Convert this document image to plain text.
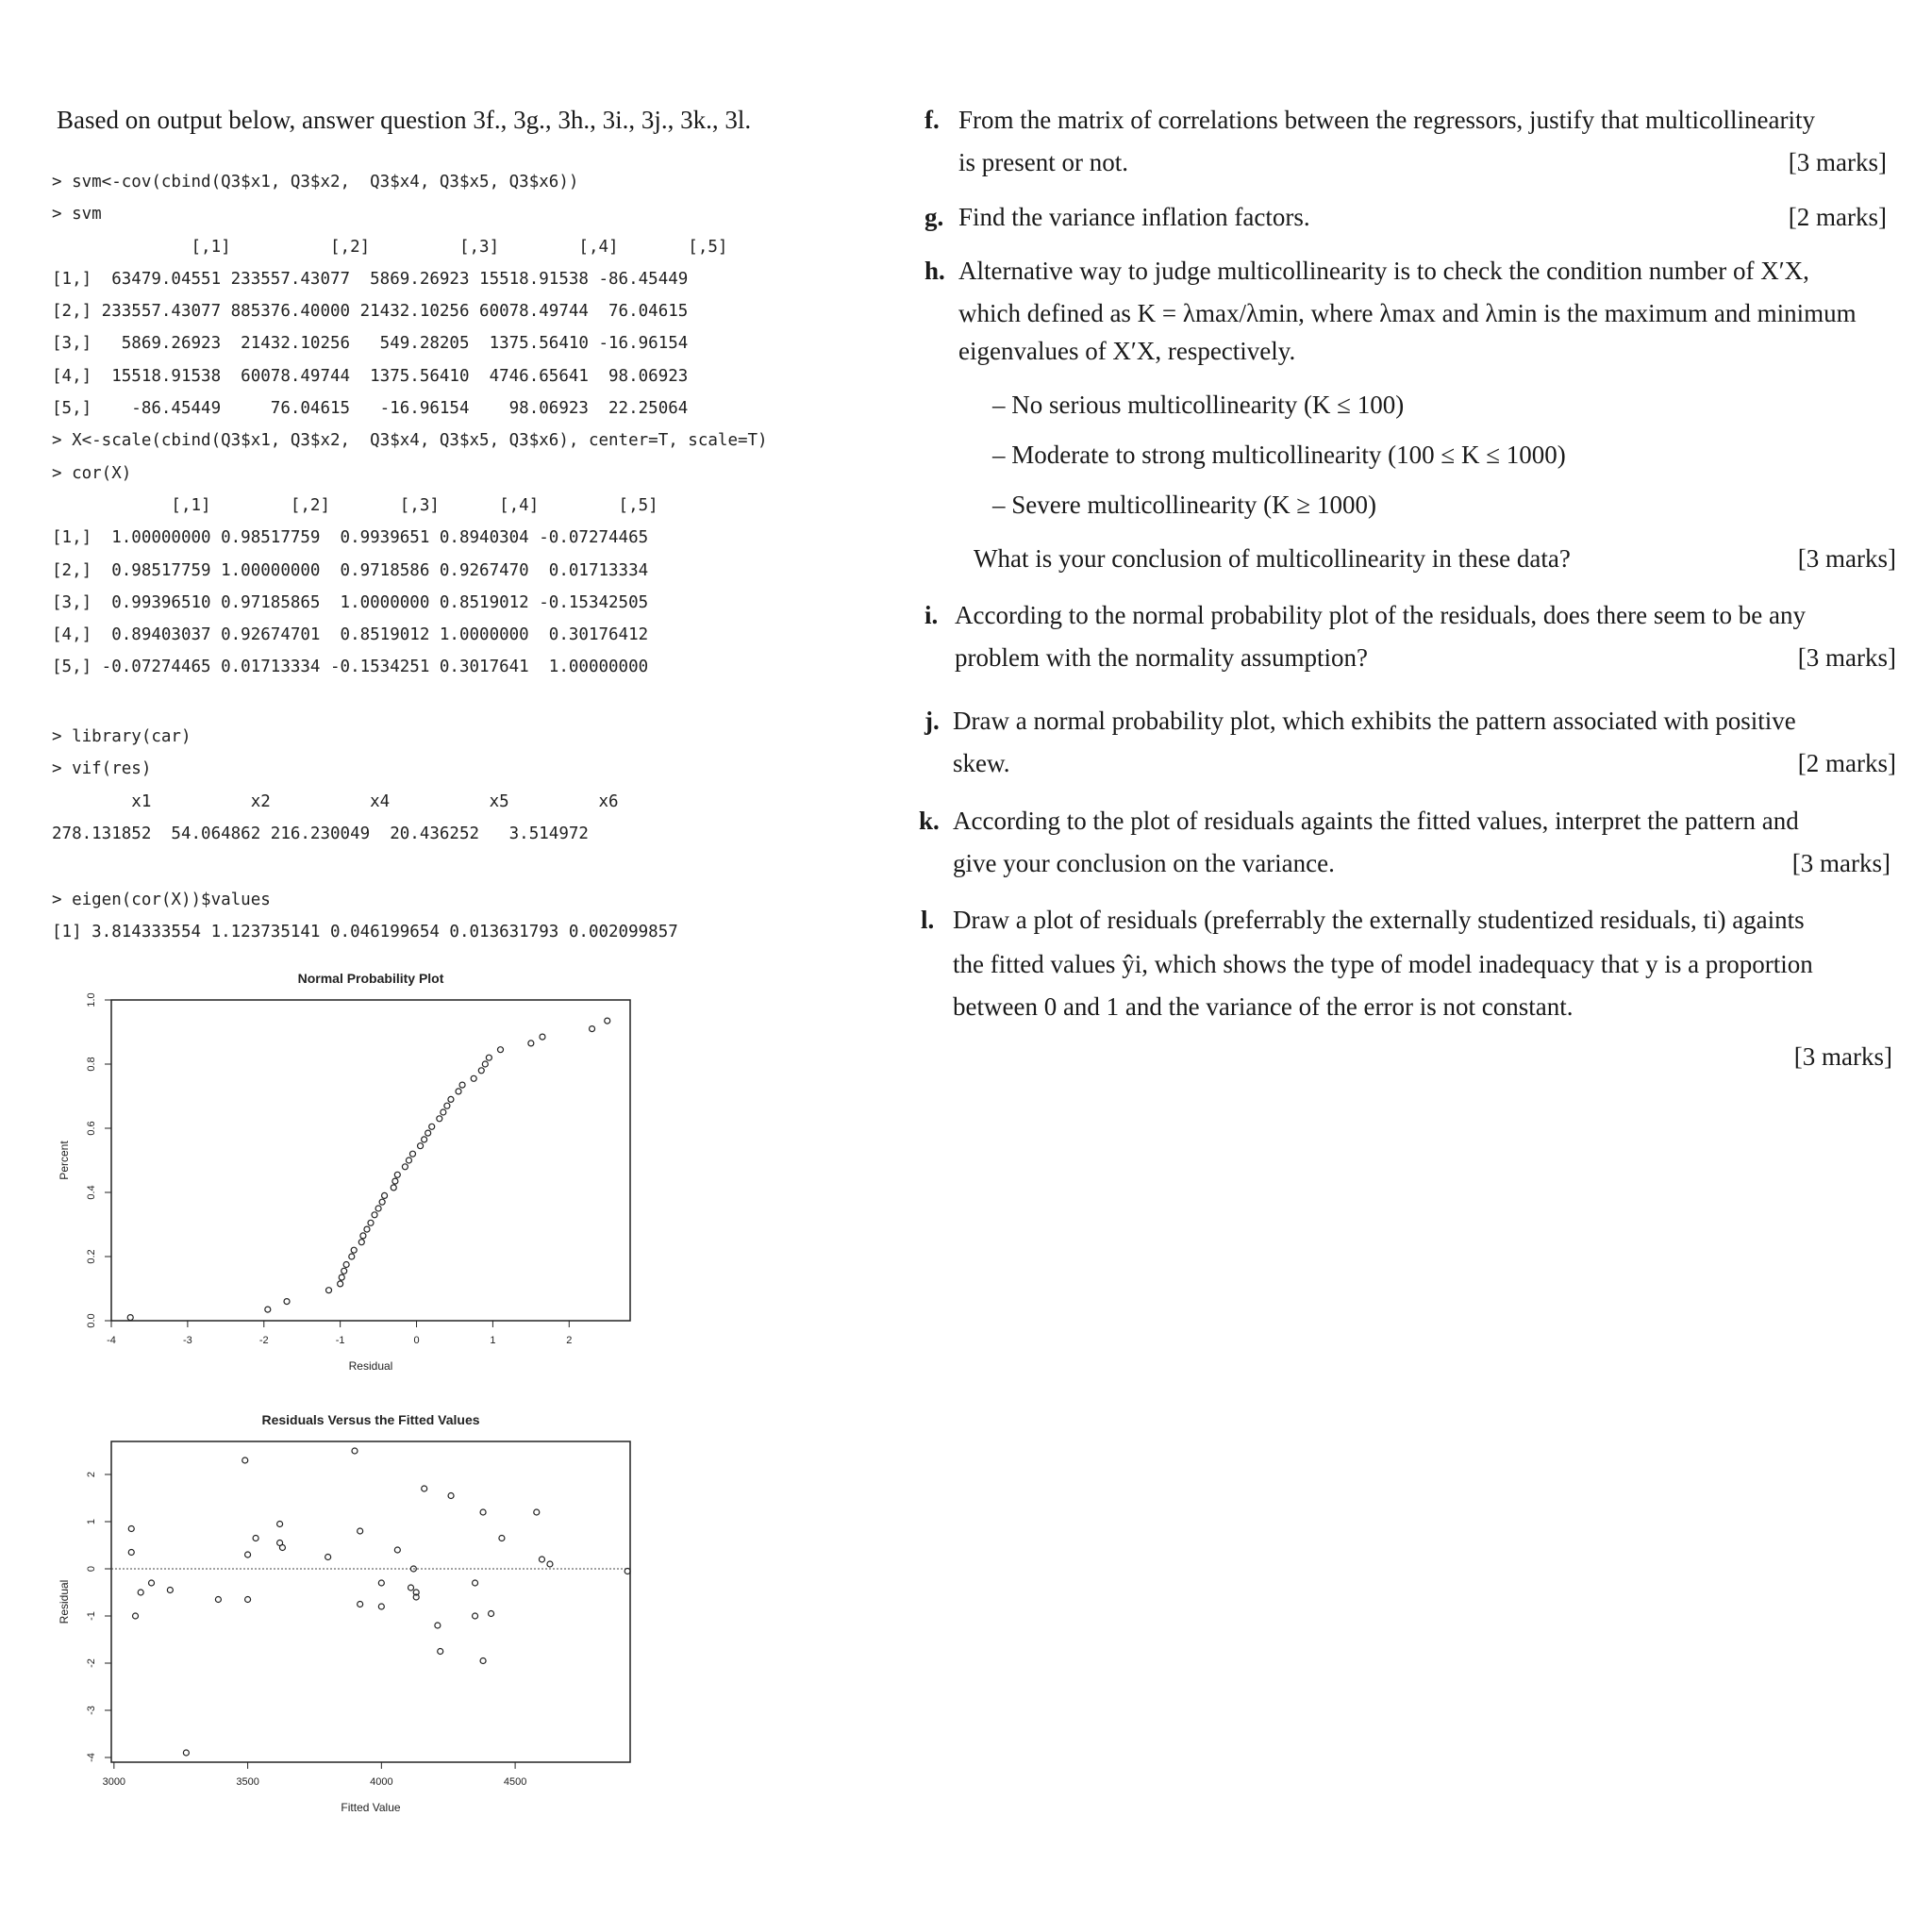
Based on output below, answer question 3f., 3g., 3h., 3i., 3j., 3k., 3l.
> svm<-cov(cbind(Q3$x1, Q3$x2,  Q3$x4, Q3$x5, Q3$x6))
> svm
[,1]          [,2]         [,3]        [,4]       [,5]
[1,]  63479.04551 233557.43077  5869.26923 15518.91538 -86.45449
[2,] 233557.43077 885376.40000 21432.10256 60078.49744  76.04615
[3,]   5869.26923  21432.10256   549.28205  1375.56410 -16.96154
[4,]  15518.91538  60078.49744  1375.56410  4746.65641  98.06923
[5,]    -86.45449     76.04615   -16.96154    98.06923  22.25064
> X<-scale(cbind(Q3$x1, Q3$x2,  Q3$x4, Q3$x5, Q3$x6), center=T, scale=T)
> cor(X)
[,1]        [,2]       [,3]      [,4]        [,5]
[1,]  1.00000000 0.98517759  0.9939651 0.8940304 -0.07274465
[2,]  0.98517759 1.00000000  0.9718586 0.9267470  0.01713334
[3,]  0.99396510 0.97185865  1.0000000 0.8519012 -0.15342505
[4,]  0.89403037 0.92674701  0.8519012 1.0000000  0.30176412
[5,] -0.07274465 0.01713334 -0.1534251 0.3017641  1.00000000
> library(car)
> vif(res)
x1          x2          x4          x5         x6
278.131852  54.064862 216.230049  20.436252   3.514972
> eigen(cor(X))$values
[1] 3.814333554 1.123735141 0.046199654 0.013631793 0.002099857
Normal Probability Plot
-4	-3	-2	-1	0	1	2
0.0
0.2
0.4
0.6
0.8
1.0
Residual
Percent
Residuals Versus the Fitted Values
3000	3500	4000	4500
-4
-3
-2
-1
0
1
2
Fitted Value
Residual
f. From the matrix of correlations between the regressors, justify that multicollinearity
is present or not.	[3 marks]
g. Find the variance inflation factors.	[2 marks]
h. Alternative way to judge multicollinearity is to check the condition number of X′X,
which defined as K = λmax/λmin, where λmax and λmin is the maximum and minimum
eigenvalues of X′X, respectively.
– No serious multicollinearity (K ≤ 100)
– Moderate to strong multicollinearity (100 ≤ K ≤ 1000)
– Severe multicollinearity (K ≥ 1000)
What is your conclusion of multicollinearity in these data?	[3 marks]
i. According to the normal probability plot of the residuals, does there seem to be any
problem with the normality assumption?	[3 marks]
j. Draw a normal probability plot, which exhibits the pattern associated with positive
skew.	[2 marks]
k. According to the plot of residuals againts the fitted values, interpret the pattern and
give your conclusion on the variance.	[3 marks]
l. Draw a plot of residuals (preferrably the externally studentized residuals, ti) againts
the fitted values ŷi, which shows the type of model inadequacy that y is a proportion
between 0 and 1 and the variance of the error is not constant.
[3 marks]
